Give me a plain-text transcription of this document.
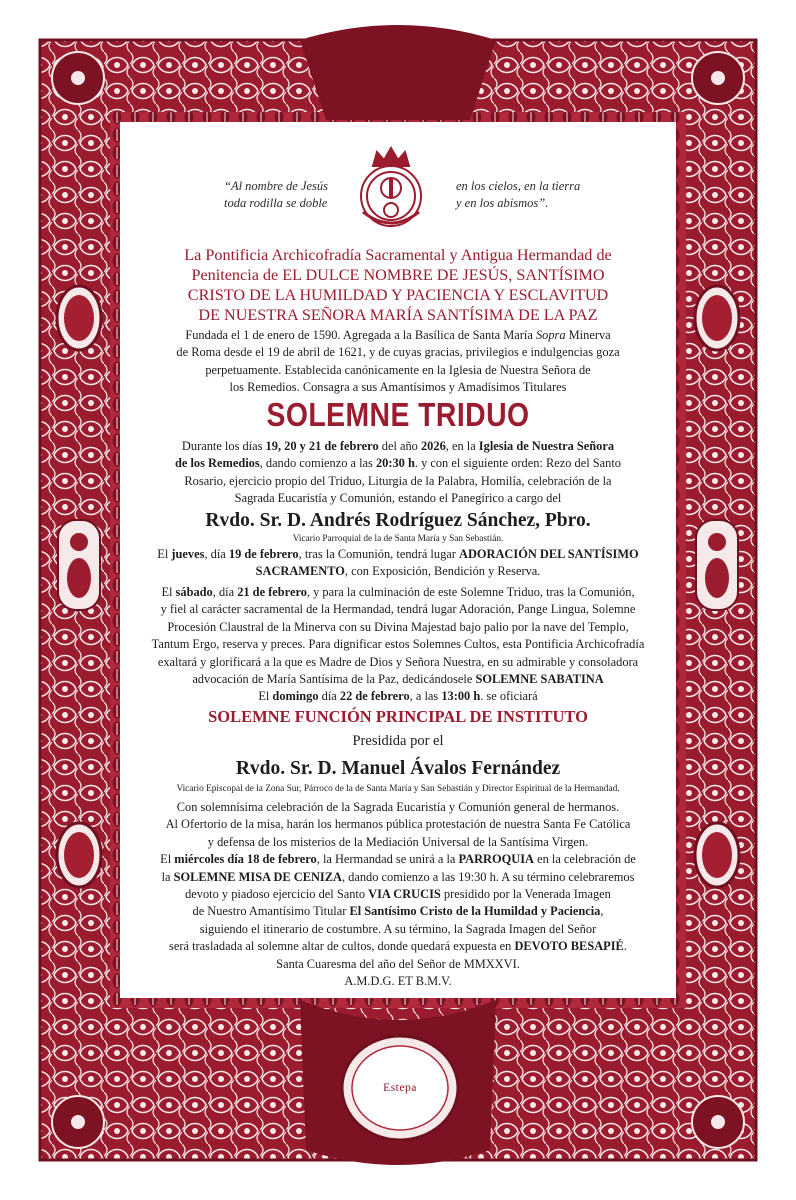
“Al nombre de Jesús
toda rodilla se doble
en los cielos, en la tierra
y en los abismos”.
La Pontificia Archicofradía Sacramental y Antigua Hermandad de
Penitencia de EL DULCE NOMBRE DE JESÚS, SANTÍSIMO
CRISTO DE LA HUMILDAD Y PACIENCIA Y ESCLAVITUD
DE NUESTRA SEÑORA MARÍA SANTÍSIMA DE LA PAZ
Fundada el 1 de enero de 1590. Agregada a la Basílica de Santa María Sopra Minerva
de Roma desde el 19 de abril de 1621, y de cuyas gracias, privilegios e indulgencias goza
perpetuamente. Establecida canónicamente en la Iglesia de Nuestra Señora de
los Remedios. Consagra a sus Amantísimos y Amadísimos Titulares
SOLEMNE TRIDUO
Durante los días 19, 20 y 21 de febrero del año 2026, en la Iglesia de Nuestra Señora
de los Remedios, dando comienzo a las 20:30 h. y con el siguiente orden: Rezo del Santo
Rosario, ejercicio propio del Triduo, Liturgia de la Palabra, Homilía, celebración de la
Sagrada Eucaristía y Comunión, estando el Panegírico a cargo del
Rvdo. Sr. D. Andrés Rodríguez Sánchez, Pbro.
Vicario Parroquial de la de Santa María y San Sebastián.
El jueves, día 19 de febrero, tras la Comunión, tendrá lugar ADORACIÓN DEL SANTÍSIMO
SACRAMENTO, con Exposición, Bendición y Reserva.
El sábado, día 21 de febrero, y para la culminación de este Solemne Triduo, tras la Comunión,
y fiel al carácter sacramental de la Hermandad, tendrá lugar Adoración, Pange Lingua, Solemne
Procesión Claustral de la Minerva con su Divina Majestad bajo palio por la nave del Templo,
Tantum Ergo, reserva y preces. Para dignificar estos Solemnes Cultos, esta Pontificia Archicofradía
exaltará y glorificará a la que es Madre de Dios y Señora Nuestra, en su admirable y consoladora
advocación de María Santísima de la Paz, dedicándosele SOLEMNE SABATINA
El domingo día 22 de febrero, a las 13:00 h. se oficiará
SOLEMNE FUNCIÓN PRINCIPAL DE INSTITUTO
Presidida por el
Rvdo. Sr. D. Manuel Ávalos Fernández
Vicario Episcopal de la Zona Sur, Párroco de la de Santa María y San Sebastián y Director Espiritual de la Hermandad.
Con solemnísima celebración de la Sagrada Eucaristía y Comunión general de hermanos.
Al Ofertorio de la misa, harán los hermanos pública protestación de nuestra Santa Fe Católica
y defensa de los misterios de la Mediación Universal de la Santísima Virgen.
El miércoles día 18 de febrero, la Hermandad se unirá a la PARROQUIA en la celebración de
la SOLEMNE MISA DE CENIZA, dando comienzo a las 19:30 h. A su término celebraremos
devoto y piadoso ejercicio del Santo VIA CRUCIS presidido por la Venerada Imagen
de Nuestro Amantísimo Titular El Santísimo Cristo de la Humildad y Paciencia,
siguiendo el itinerario de costumbre. A su término, la Sagrada Imagen del Señor
será trasladada al solemne altar de cultos, donde quedará expuesta en DEVOTO BESAPIÉ.
Santa Cuaresma del año del Señor de MMXXVI.
A.M.D.G. ET B.M.V.
Estepa
